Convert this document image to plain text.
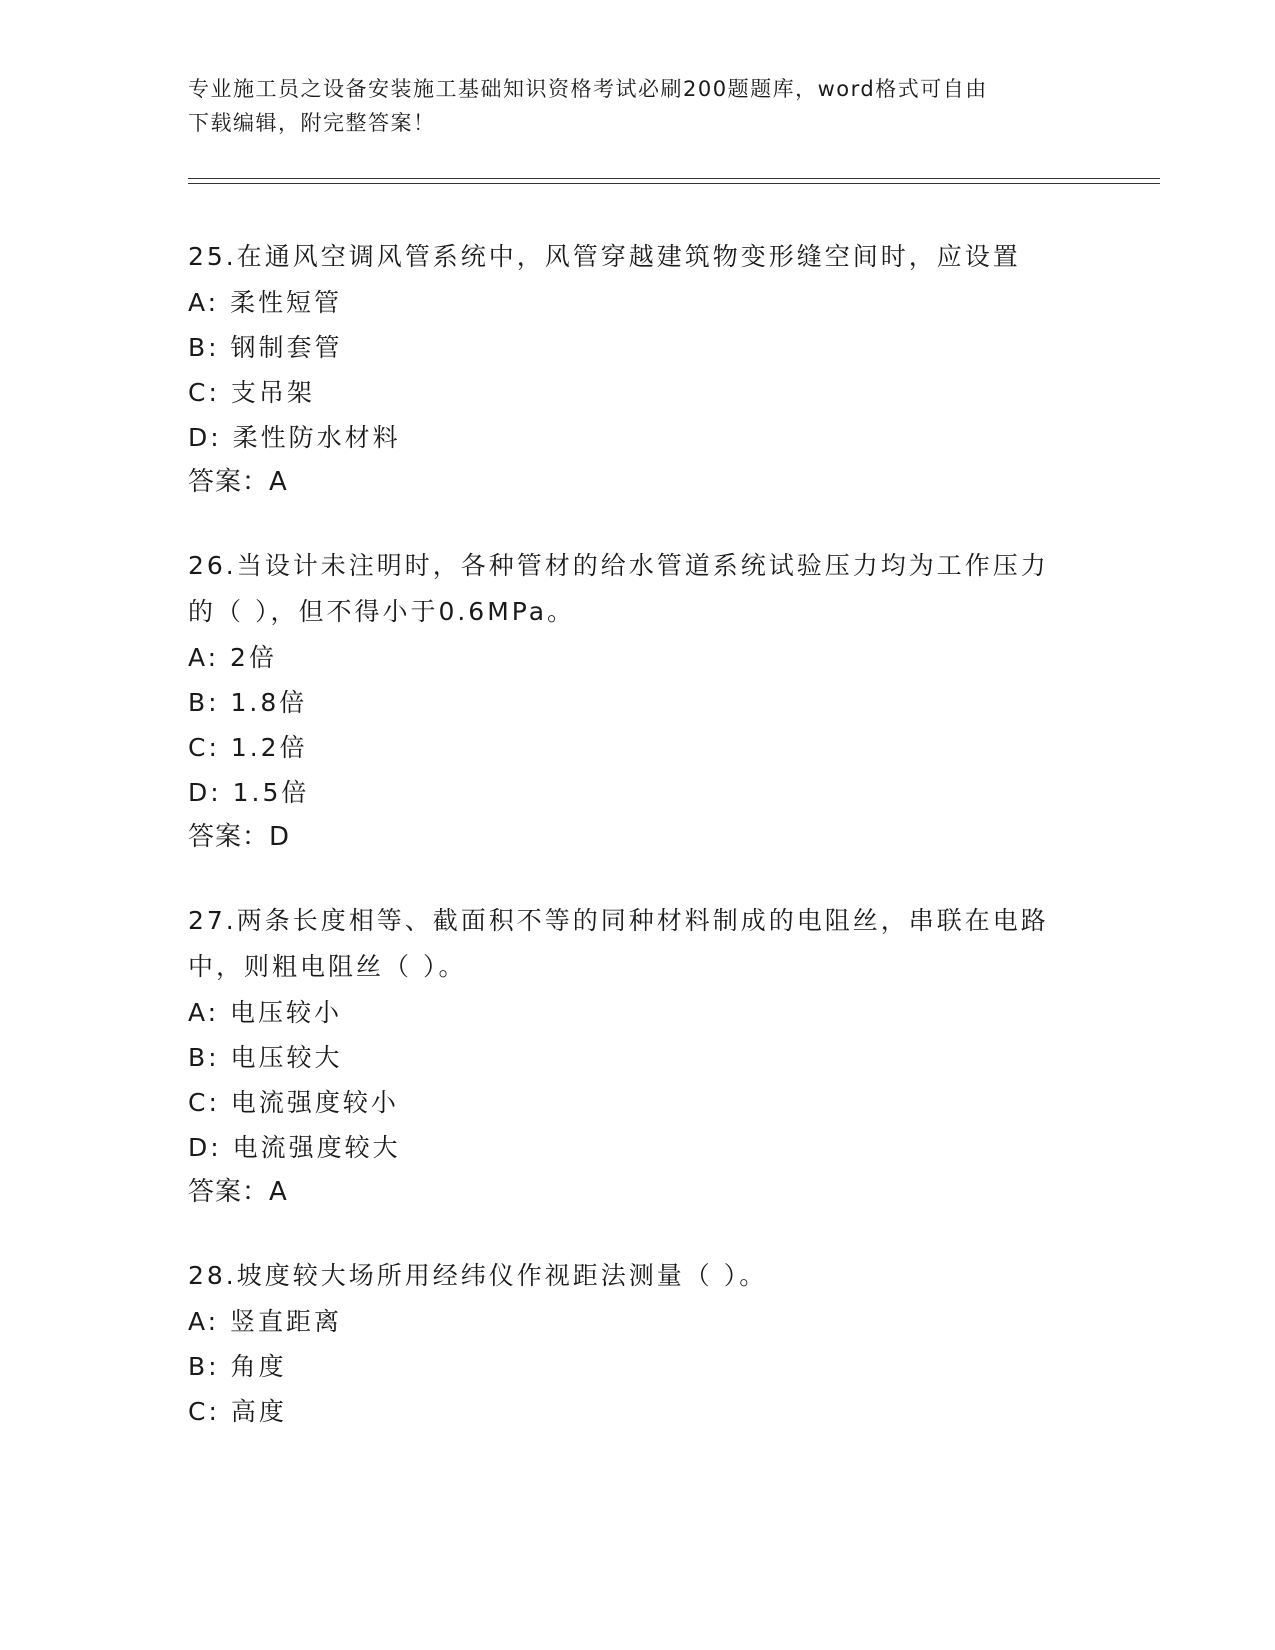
专业施工员之设备安装施工基础知识资格考试必刷200题题库，word格式可自由
下载编辑，附完整答案！
25.在通风空调风管系统中，风管穿越建筑物变形缝空间时，应设置
A: 柔性短管
B: 钢制套管
C: 支吊架
D: 柔性防水材料
答案：A
26.当设计未注明时，各种管材的给水管道系统试验压力均为工作压力
的（ ），但不得小于0.6MPa。
A: 2倍
B: 1.8倍
C: 1.2倍
D: 1.5倍
答案：D
27.两条长度相等、截面积不等的同种材料制成的电阻丝，串联在电路
中，则粗电阻丝（ ）。
A: 电压较小
B: 电压较大
C: 电流强度较小
D: 电流强度较大
答案：A
28.坡度较大场所用经纬仪作视距法测量（ ）。
A: 竖直距离
B: 角度
C: 高度
